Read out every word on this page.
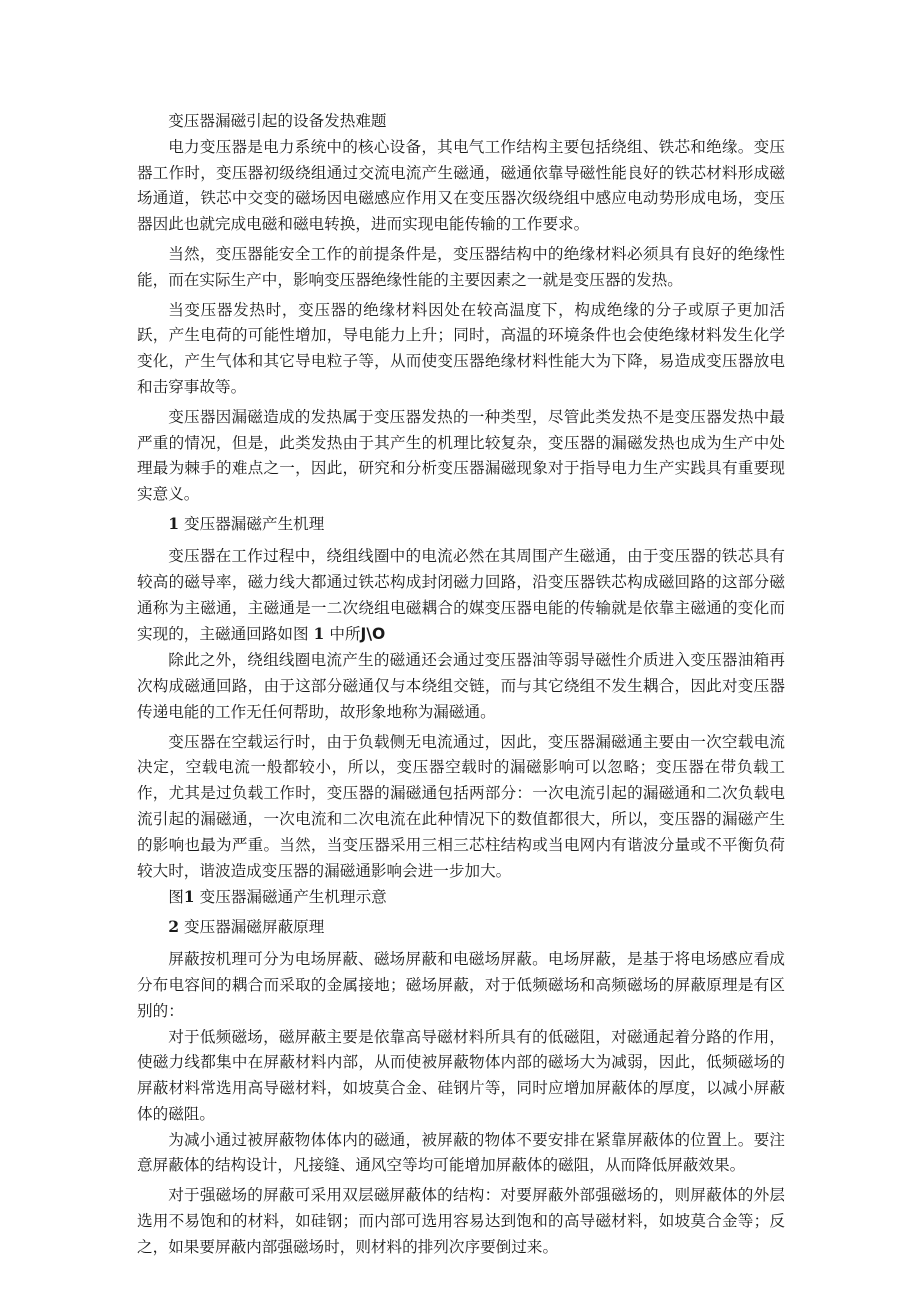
变压器漏磁引起的设备发热难题

电力变压器是电力系统中的核心设备，其电气工作结构主要包括绕组、铁芯和绝缘。变压器工作时，变压器初级绕组通过交流电流产生磁通，磁通依靠导磁性能良好的铁芯材料形成磁场通道，铁芯中交变的磁场因电磁感应作用又在变压器次级绕组中感应电动势形成电场，变压器因此也就完成电磁和磁电转换，进而实现电能传输的工作要求。

当然，变压器能安全工作的前提条件是，变压器结构中的绝缘材料必须具有良好的绝缘性能，而在实际生产中，影响变压器绝缘性能的主要因素之一就是变压器的发热。

当变压器发热时，变压器的绝缘材料因处在较高温度下，构成绝缘的分子或原子更加活跃，产生电荷的可能性增加，导电能力上升；同时，高温的环境条件也会使绝缘材料发生化学变化，产生气体和其它导电粒子等，从而使变压器绝缘材料性能大为下降，易造成变压器放电和击穿事故等。

变压器因漏磁造成的发热属于变压器发热的一种类型，尽管此类发热不是变压器发热中最严重的情况，但是，此类发热由于其产生的机理比较复杂，变压器的漏磁发热也成为生产中处理最为棘手的难点之一，因此，研究和分析变压器漏磁现象对于指导电力生产实践具有重要现实意义。

1 变压器漏磁产生机理

变压器在工作过程中，绕组线圈中的电流必然在其周围产生磁通，由于变压器的铁芯具有较高的磁导率，磁力线大都通过铁芯构成封闭磁力回路，沿变压器铁芯构成磁回路的这部分磁通称为主磁通，主磁通是一二次绕组电磁耦合的媒变压器电能的传输就是依靠主磁通的变化而实现的，主磁通回路如图 1 中所J\O

除此之外，绕组线圈电流产生的磁通还会通过变压器油等弱导磁性介质进入变压器油箱再次构成磁通回路，由于这部分磁通仅与本绕组交链，而与其它绕组不发生耦合，因此对变压器传递电能的工作无任何帮助，故形象地称为漏磁通。

变压器在空载运行时，由于负载侧无电流通过，因此，变压器漏磁通主要由一次空载电流决定，空载电流一般都较小，所以，变压器空载时的漏磁影响可以忽略；变压器在带负载工作，尤其是过负载工作时，变压器的漏磁通包括两部分：一次电流引起的漏磁通和二次负载电流引起的漏磁通，一次电流和二次电流在此种情况下的数值都很大，所以，变压器的漏磁产生的影响也最为严重。当然，当变压器采用三相三芯柱结构或当电网内有谐波分量或不平衡负荷较大时，谐波造成变压器的漏磁通影响会进一步加大。

图1 变压器漏磁通产生机理示意

2 变压器漏磁屏蔽原理

屏蔽按机理可分为电场屏蔽、磁场屏蔽和电磁场屏蔽。电场屏蔽，是基于将电场感应看成分布电容间的耦合而采取的金属接地；磁场屏蔽，对于低频磁场和高频磁场的屏蔽原理是有区别的：

对于低频磁场，磁屏蔽主要是依靠高导磁材料所具有的低磁阻，对磁通起着分路的作用，使磁力线都集中在屏蔽材料内部，从而使被屏蔽物体内部的磁场大为减弱，因此，低频磁场的屏蔽材料常选用高导磁材料，如坡莫合金、硅钢片等，同时应增加屏蔽体的厚度，以减小屏蔽体的磁阻。

为减小通过被屏蔽物体体内的磁通，被屏蔽的物体不要安排在紧靠屏蔽体的位置上。要注意屏蔽体的结构设计，凡接缝、通风空等均可能增加屏蔽体的磁阻，从而降低屏蔽效果。

对于强磁场的屏蔽可采用双层磁屏蔽体的结构：对要屏蔽外部强磁场的，则屏蔽体的外层选用不易饱和的材料，如硅钢；而内部可选用容易达到饱和的高导磁材料，如坡莫合金等；反之，如果要屏蔽内部强磁场时，则材料的排列次序要倒过来。
